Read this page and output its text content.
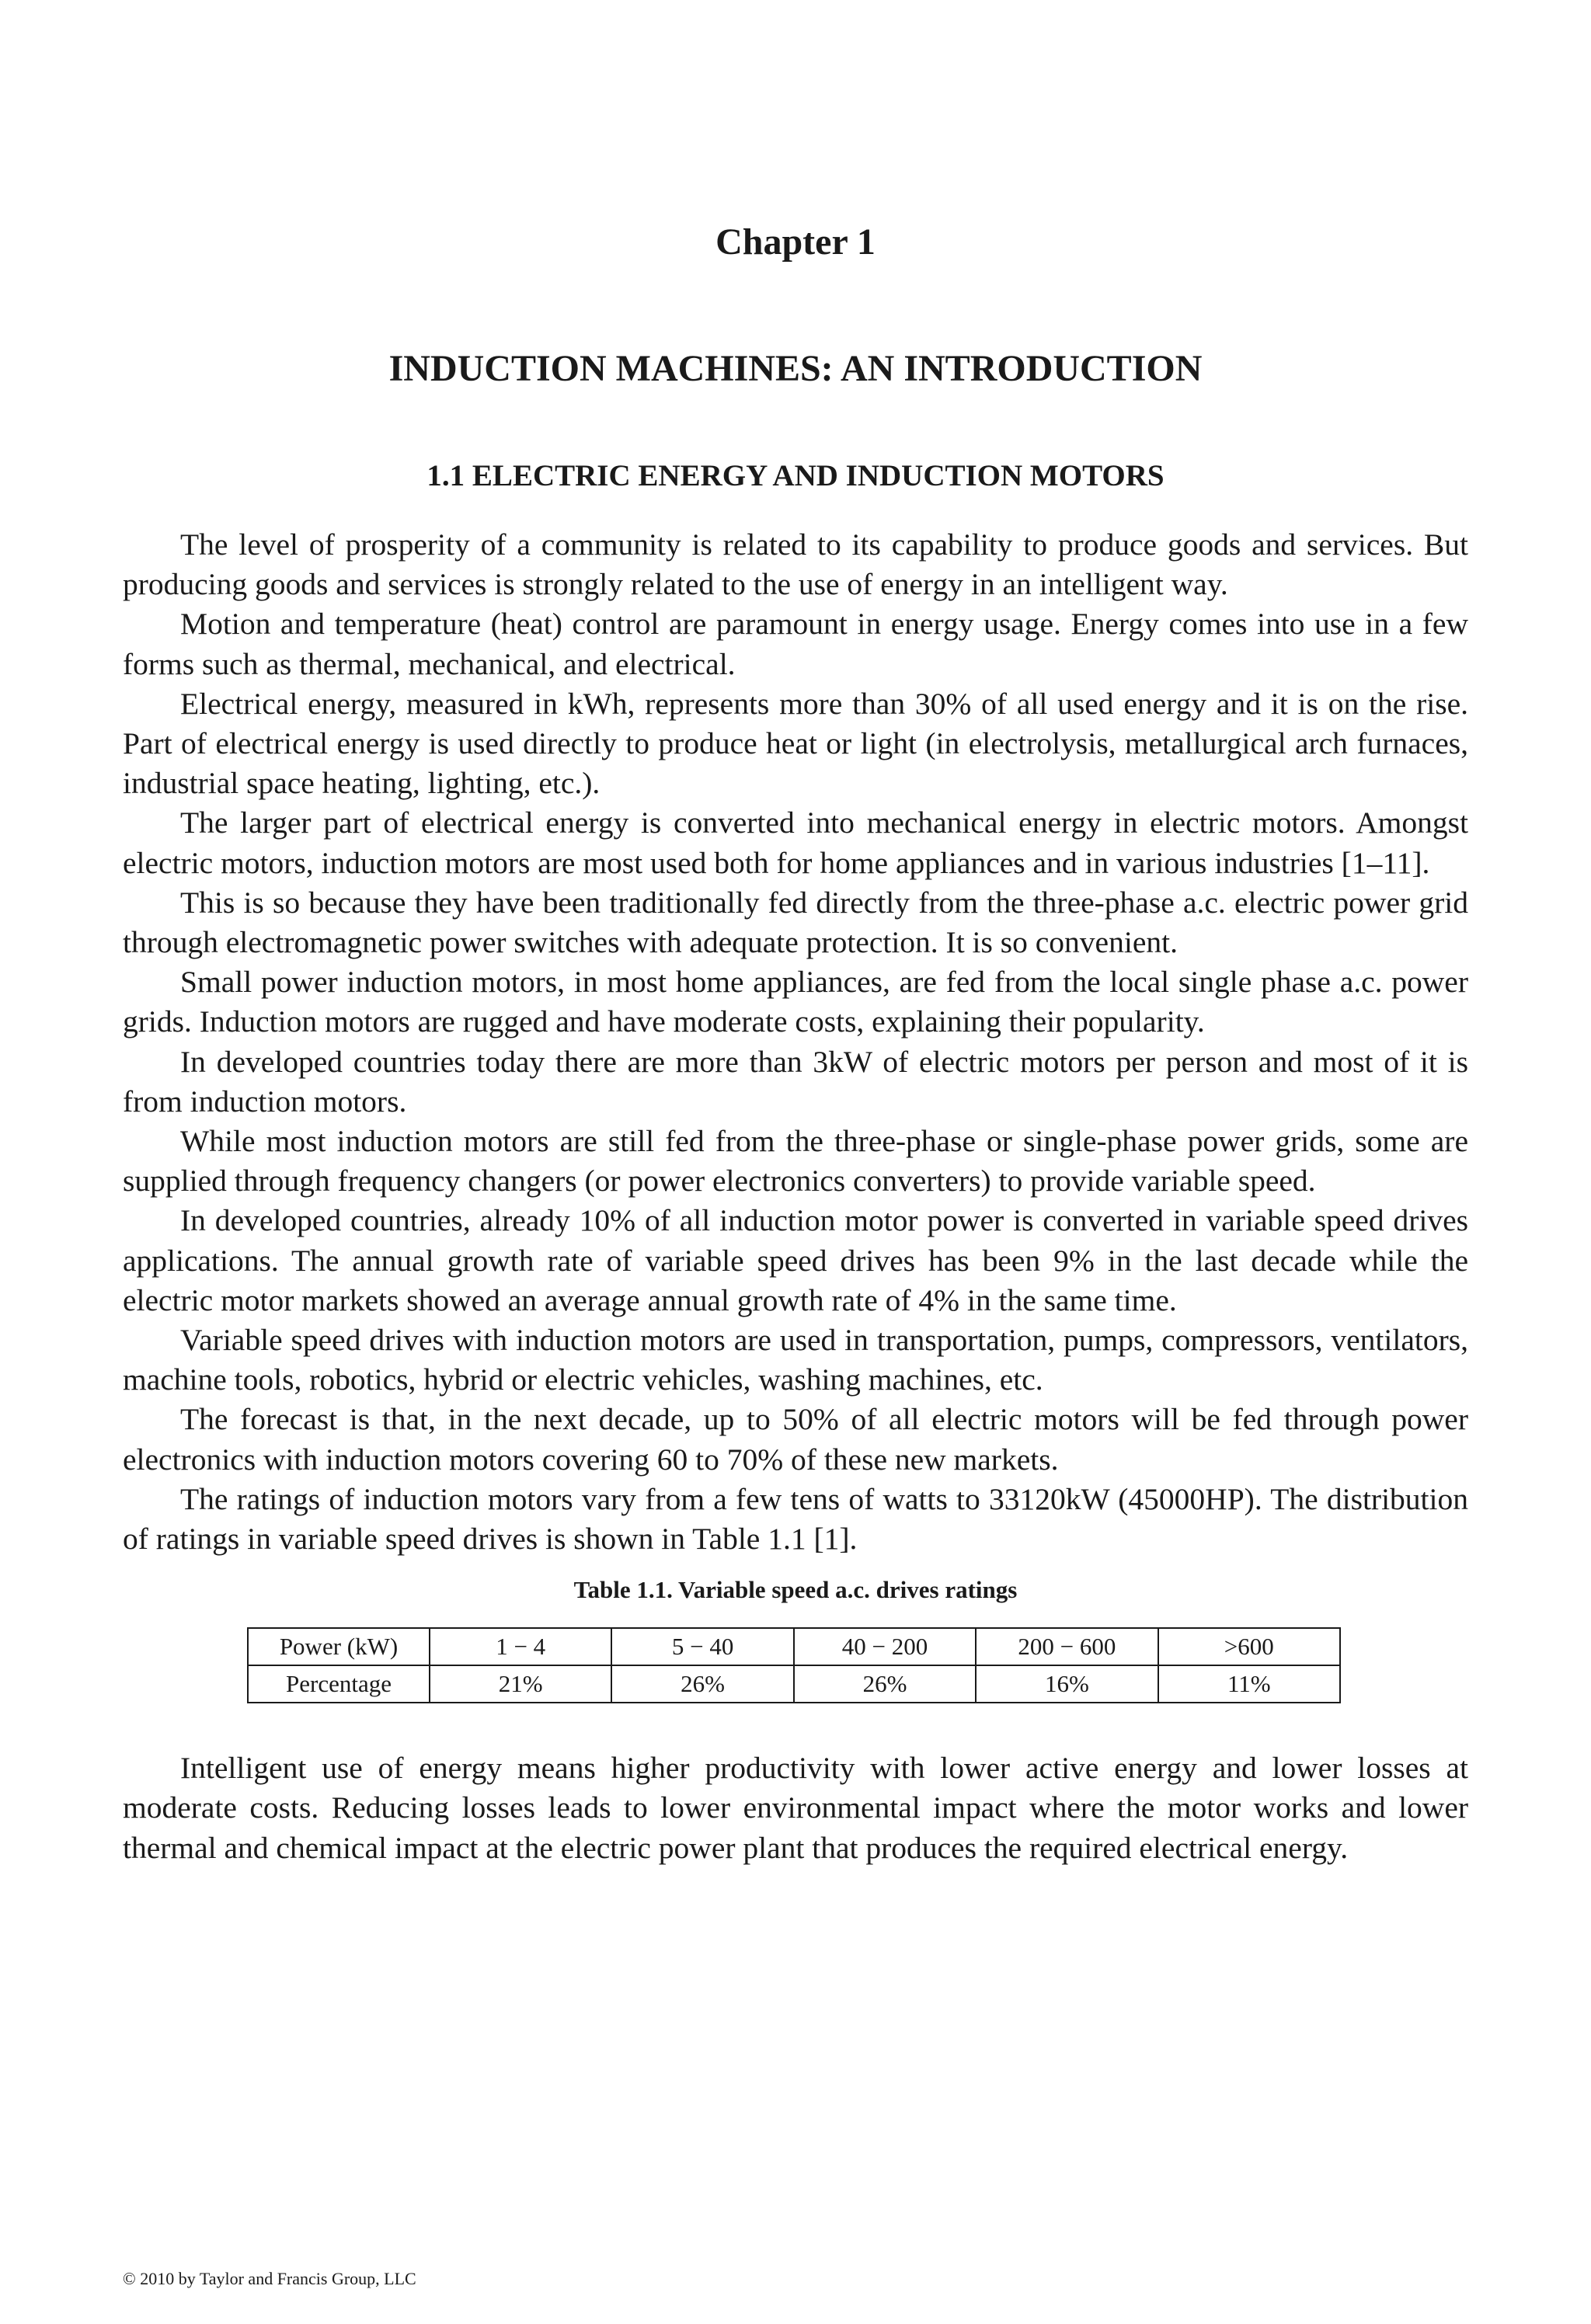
Chapter 1
INDUCTION MACHINES: AN INTRODUCTION
1.1 ELECTRIC ENERGY AND INDUCTION MOTORS

The level of prosperity of a community is related to its capability to produce goods and services. But producing goods and services is strongly related to the use of energy in an intelligent way.

Motion and temperature (heat) control are paramount in energy usage. Energy comes into use in a few forms such as thermal, mechanical, and electrical.

Electrical energy, measured in kWh, represents more than 30% of all used energy and it is on the rise. Part of electrical energy is used directly to produce heat or light (in electrolysis, metallurgical arch furnaces, industrial space heating, lighting, etc.).

The larger part of electrical energy is converted into mechanical energy in electric motors. Amongst electric motors, induction motors are most used both for home appliances and in various industries [1–11].

This is so because they have been traditionally fed directly from the three-phase a.c. electric power grid through electromagnetic power switches with adequate protection. It is so convenient.

Small power induction motors, in most home appliances, are fed from the local single phase a.c. power grids. Induction motors are rugged and have moderate costs, explaining their popularity.

In developed countries today there are more than 3kW of electric motors per person and most of it is from induction motors.

While most induction motors are still fed from the three-phase or single-phase power grids, some are supplied through frequency changers (or power electronics converters) to provide variable speed.

In developed countries, already 10% of all induction motor power is converted in variable speed drives applications. The annual growth rate of variable speed drives has been 9% in the last decade while the electric motor markets showed an average annual growth rate of 4% in the same time.

Variable speed drives with induction motors are used in transportation, pumps, compressors, ventilators, machine tools, robotics, hybrid or electric vehicles, washing machines, etc.

The forecast is that, in the next decade, up to 50% of all electric motors will be fed through power electronics with induction motors covering 60 to 70% of these new markets.

The ratings of induction motors vary from a few tens of watts to 33120kW (45000HP). The distribution of ratings in variable speed drives is shown in Table 1.1 [1].

Table 1.1. Variable speed a.c. drives ratings

Power (kW)	1 − 4	5 − 40	40 − 200	200 − 600	>600
Percentage	21%	26%	26%	16%	11%

Intelligent use of energy means higher productivity with lower active energy and lower losses at moderate costs. Reducing losses leads to lower environmental impact where the motor works and lower thermal and chemical impact at the electric power plant that produces the required electrical energy.

© 2010 by Taylor and Francis Group, LLC
